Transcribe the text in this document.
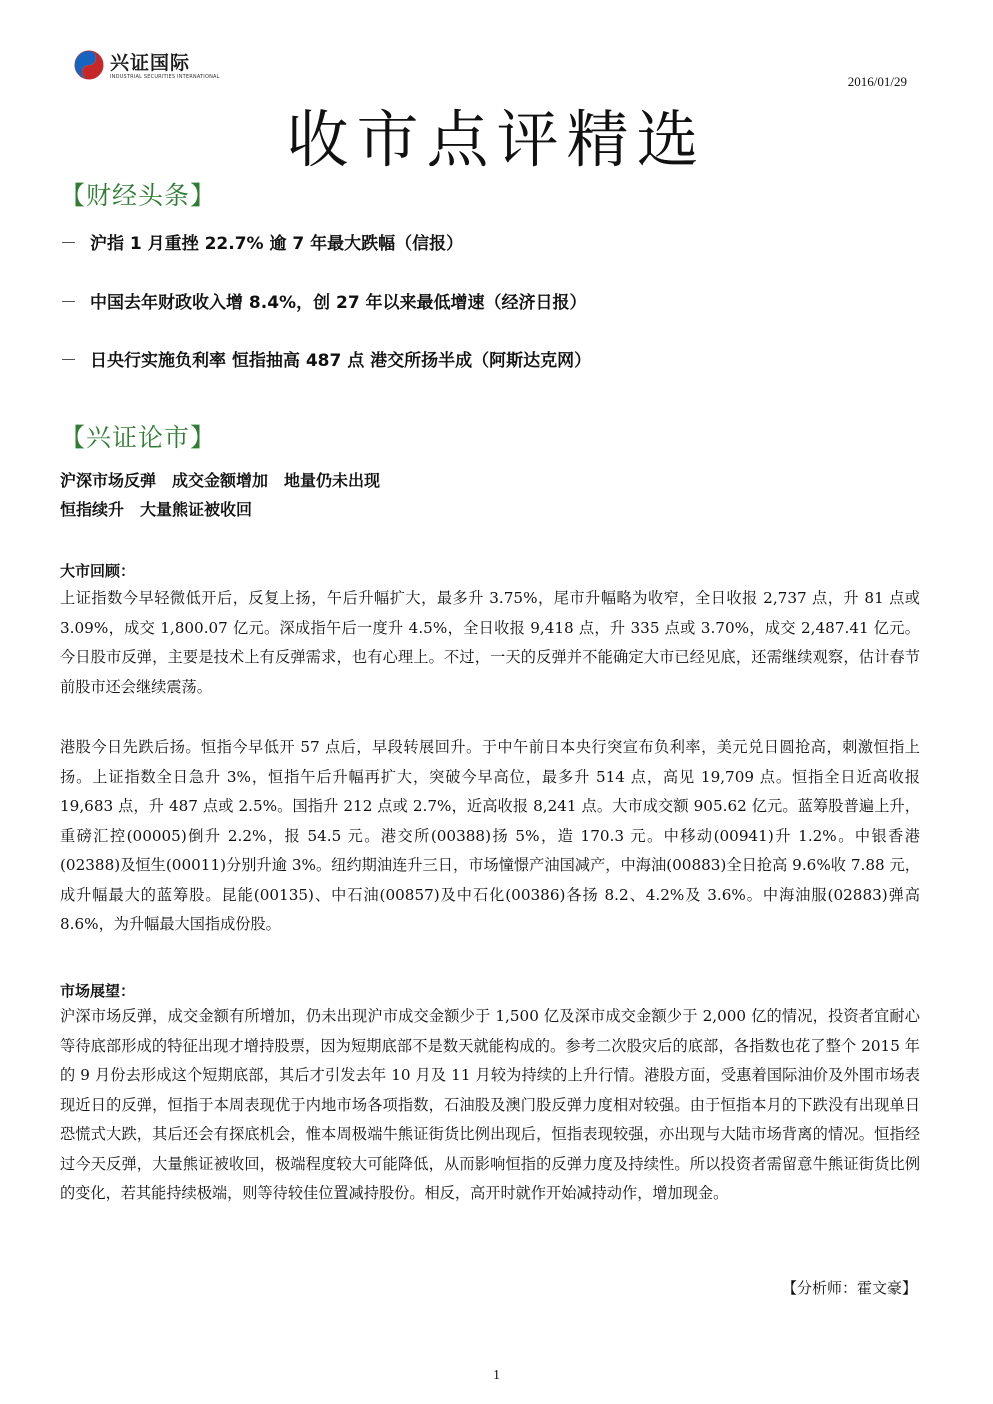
兴证国际
INDUSTRIAL SECURITIES INTERNATIONAL	2016/01/29
收市点评精选
【财经头条】
－ 沪指 1 月重挫 22.7% 逾 7 年最大跌幅（信报）
－ 中国去年财政收入增 8.4%，创 27 年以来最低增速（经济日报）
－ 日央行实施负利率 恒指抽高 487 点 港交所扬半成（阿斯达克网）
【兴证论市】
沪深市场反弹　成交金额增加　地量仍未出现
恒指续升　大量熊证被收回
大市回顾：
上证指数今早轻微低开后，反复上扬，午后升幅扩大，最多升 3.75%，尾市升幅略为收窄，全日收报 2,737 点，升 81 点或 3.09%，成交 1,800.07 亿元。深成指午后一度升 4.5%，全日收报 9,418 点，升 335 点或 3.70%，成交 2,487.41 亿元。今日股市反弹，主要是技术上有反弹需求，也有心理上。不过，一天的反弹并不能确定大市已经见底，还需继续观察，估计春节前股市还会继续震荡。
港股今日先跌后扬。恒指今早低开 57 点后，早段转展回升。于中午前日本央行突宣布负利率，美元兑日圆抢高，刺激恒指上扬。上证指数全日急升 3%，恒指午后升幅再扩大，突破今早高位，最多升 514 点，高见 19,709 点。恒指全日近高收报 19,683 点，升 487 点或 2.5%。国指升 212 点或 2.7%，近高收报 8,241 点。大市成交额 905.62 亿元。蓝筹股普遍上升，重磅汇控(00005)倒升 2.2%，报 54.5 元。港交所(00388)扬 5%，造 170.3 元。中移动(00941)升 1.2%。中银香港(02388)及恒生(00011)分别升逾 3%。纽约期油连升三日，市场憧憬产油国减产，中海油(00883)全日抢高 9.6%收 7.88 元，成升幅最大的蓝筹股。昆能(00135)、中石油(00857)及中石化(00386)各扬 8.2、4.2%及 3.6%。中海油服(02883)弹高 8.6%，为升幅最大国指成份股。
市场展望：
沪深市场反弹，成交金额有所增加，仍未出现沪市成交金额少于 1,500 亿及深市成交金额少于 2,000 亿的情况，投资者宜耐心等待底部形成的特征出现才增持股票，因为短期底部不是数天就能构成的。参考二次股灾后的底部，各指数也花了整个 2015 年的 9 月份去形成这个短期底部，其后才引发去年 10 月及 11 月较为持续的上升行情。港股方面，受惠着国际油价及外围市场表现近日的反弹，恒指于本周表现优于内地市场各项指数，石油股及澳门股反弹力度相对较强。由于恒指本月的下跌没有出现单日恐慌式大跌，其后还会有探底机会，惟本周极端牛熊证街货比例出现后，恒指表现较强，亦出现与大陆市场背离的情况。恒指经过今天反弹，大量熊证被收回，极端程度较大可能降低，从而影响恒指的反弹力度及持续性。所以投资者需留意牛熊证街货比例的变化，若其能持续极端，则等待较佳位置减持股份。相反，高开时就作开始减持动作，增加现金。
【分析师：霍文豪】
1
